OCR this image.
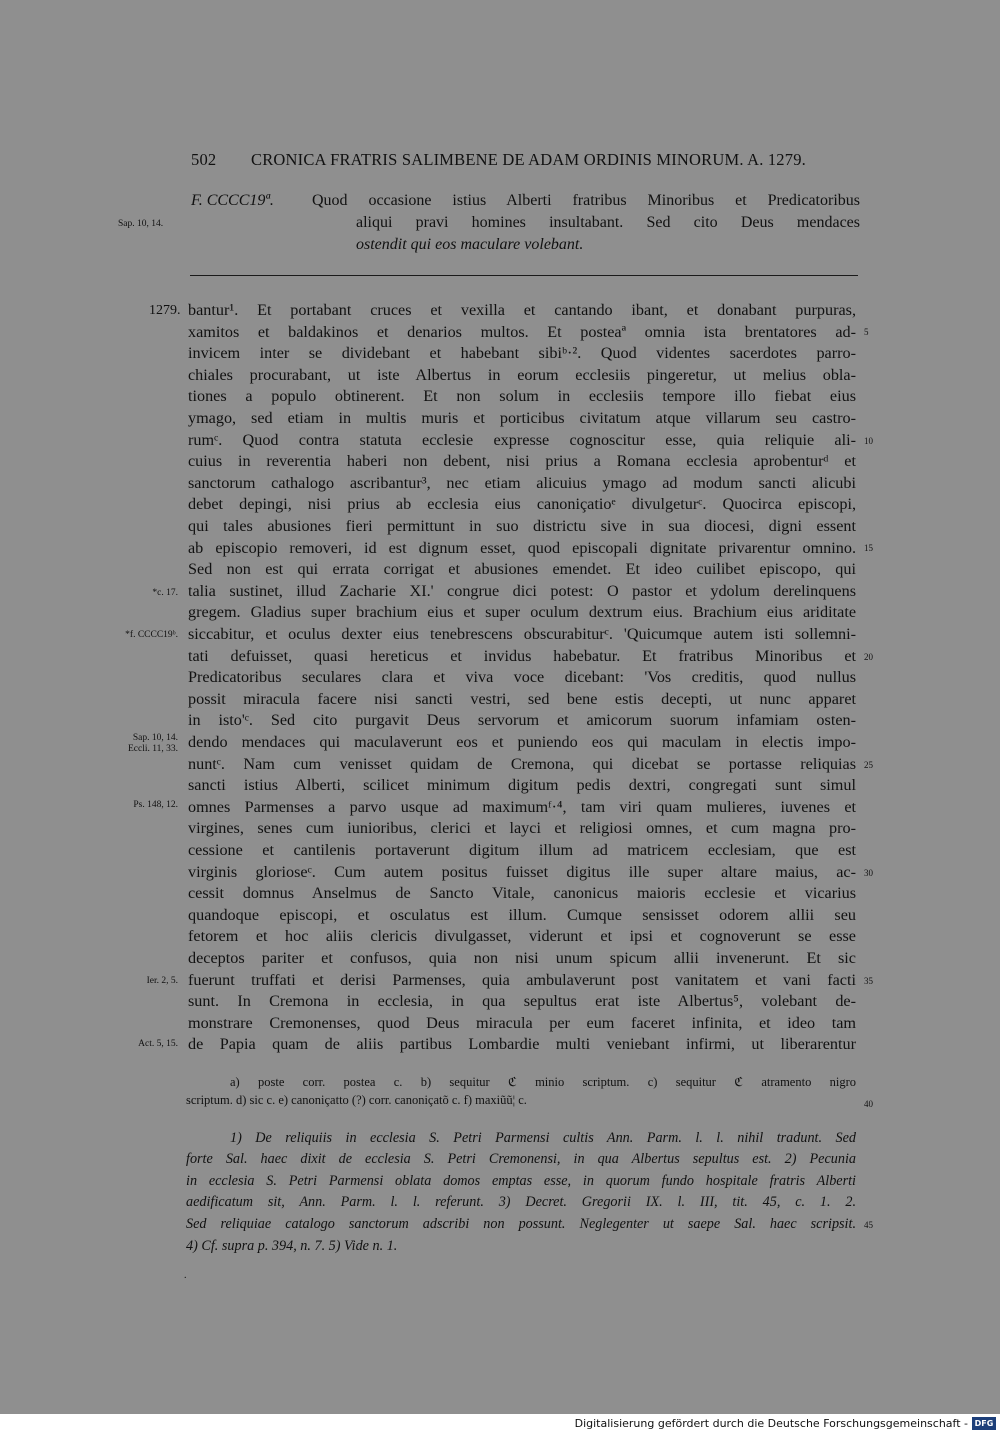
502 CRONICA FRATRIS SALIMBENE DE ADAM ORDINIS MINORUM. A. 1279.
F. CCCC19ª. Quod occasione istius Alberti fratribus Minoribus et Predicatoribus
aliqui pravi homines insultabant. Sed cito Deus mendaces
ostendit qui eos maculare volebant.
Sap. 10, 14.
1279. bantur¹. Et portabant cruces et vexilla et cantando ibant, et donabant purpuras,
xamitos et baldakinos et denarios multos. Et posteaª omnia ista brentatores ad-
invicem inter se dividebant et habebant sibiᵇ·². Quod videntes sacerdotes parro-
chiales procurabant, ut iste Albertus in eorum ecclesiis pingeretur, ut melius obla-
tiones a populo obtinerent. Et non solum in ecclesiis tempore illo fiebat eius
ymago, sed etiam in multis muris et porticibus civitatum atque villarum seu castro-
rumᶜ. Quod contra statuta ecclesie expresse cognoscitur esse, quia reliquie ali-
cuius in reverentia haberi non debent, nisi prius a Romana ecclesia aprobenturᵈ et
sanctorum cathalogo ascribantur³, nec etiam alicuius ymago ad modum sancti alicubi
debet depingi, nisi prius ab ecclesia eius canoniçatioᵉ divulgeturᶜ. Quocirca episcopi,
qui tales abusiones fieri permittunt in suo districtu sive in sua diocesi, digni essent
ab episcopio removeri, id est dignum esset, quod episcopali dignitate privarentur omnino.
Sed non est qui errata corrigat et abusiones emendet. Et ideo cuilibet episcopo, qui
talia sustinet, illud Zacharie XI.' congrue dici potest: O pastor et ydolum derelinquens
gregem. Gladius super brachium eius et super oculum dextrum eius. Brachium eius ariditate
siccabitur, et oculus dexter eius tenebrescens obscurabiturᶜ. 'Quicumque autem isti sollemni-
tati defuisset, quasi hereticus et invidus habebatur. Et fratribus Minoribus et
Predicatoribus seculares clara et viva voce dicebant: 'Vos creditis, quod nullus
possit miracula facere nisi sancti vestri, sed bene estis decepti, ut nunc apparet
in isto'ᶜ. Sed cito purgavit Deus servorum et amicorum suorum infamiam osten-
dendo mendaces qui maculaverunt eos et puniendo eos qui maculam in electis impo-
nuntᶜ. Nam cum venisset quidam de Cremona, qui dicebat se portasse reliquias
sancti istius Alberti, scilicet minimum digitum pedis dextri, congregati sunt simul
omnes Parmenses a parvo usque ad maximumᶠ·⁴, tam viri quam mulieres, iuvenes et
virgines, senes cum iunioribus, clerici et layci et religiosi omnes, et cum magna pro-
cessione et cantilenis portaverunt digitum illum ad matricem ecclesiam, que est
virginis glorioseᶜ. Cum autem positus fuisset digitus ille super altare maius, ac-
cessit domnus Anselmus de Sancto Vitale, canonicus maioris ecclesie et vicarius
quandoque episcopi, et osculatus est illum. Cumque sensisset odorem allii seu
fetorem et hoc aliis clericis divulgasset, viderunt et ipsi et cognoverunt se esse
deceptos pariter et confusos, quia non nisi unum spicum allii invenerunt. Et sic
fuerunt truffati et derisi Parmenses, quia ambulaverunt post vanitatem et vani facti
sunt. In Cremona in ecclesia, in qua sepultus erat iste Albertus⁵, volebant de-
monstrare Cremonenses, quod Deus miracula per eum faceret infinita, et ideo tam
de Papia quam de aliis partibus Lombardie multi veniebant infirmi, ut liberarentur
*c. 17.
*f. CCCC19ᵇ.
Sap. 10, 14.
Eccli. 11, 33.
Ps. 148, 12.
Ier. 2, 5.
Act. 5, 15.
5
10
15
20
25
30
35
40
45
a) poste corr. postea c. b) sequitur ℭ minio scriptum. c) sequitur ℭ atramento nigro
scriptum. d) sic c. e) canoniçatto (?) corr. canoniçatõ c. f) maxiũũ¦ c.
1) De reliquiis in ecclesia S. Petri Parmensi cultis Ann. Parm. l. l. nihil tradunt. Sed
forte Sal. haec dixit de ecclesia S. Petri Cremonensi, in qua Albertus sepultus est. 2) Pecunia
in ecclesia S. Petri Parmensi oblata domos emptas esse, in quorum fundo hospitale fratris Alberti
aedificatum sit, Ann. Parm. l. l. referunt. 3) Decret. Gregorii IX. l. III, tit. 45, c. 1. 2.
Sed reliquiae catalogo sanctorum adscribi non possunt. Neglegenter ut saepe Sal. haec scripsit.
4) Cf. supra p. 394, n. 7. 5) Vide n. 1.
.
Digitalisierung gefördert durch die Deutsche Forschungsgemeinschaft - DFG
